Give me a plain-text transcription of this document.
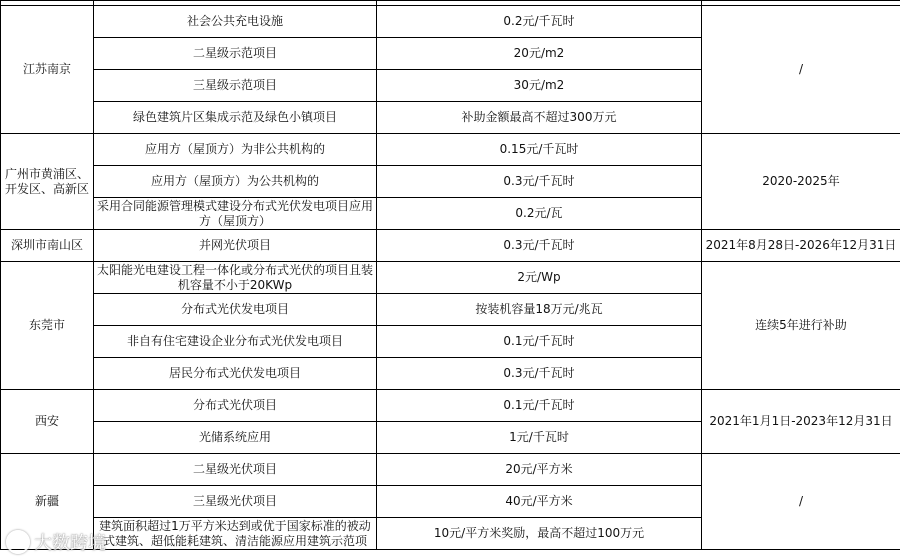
江苏南京	社会公共充电设施	0.2元/千瓦时	/
	二星级示范项目	20元/m2	
	三星级示范项目	30元/m2	
	绿色建筑片区集成示范及绿色小镇项目	补助金额最高不超过300万元	
广州市黄浦区、开发区、高新区	应用方（屋顶方）为非公共机构的	0.15元/千瓦时	2020-2025年
	应用方（屋顶方）为公共机构的	0.3元/千瓦时	
	采用合同能源管理模式建设分布式光伏发电项目应用方（屋顶方）	0.2元/瓦	
深圳市南山区	并网光伏项目	0.3元/千瓦时	2021年8月28日-2026年12月31日
东莞市	太阳能光电建设工程一体化或分布式光伏的项目且装机容量不小于20KWp	2元/Wp	连续5年进行补助
	分布式光伏发电项目	按装机容量18万元/兆瓦	
	非自有住宅建设企业分布式光伏发电项目	0.1元/千瓦时	
	居民分布式光伏发电项目	0.3元/千瓦时	
西安	分布式光伏项目	0.1元/千瓦时	2021年1月1日-2023年12月31日
	光储系统应用	1元/千瓦时	
新疆	二星级光伏项目	20元/平方米	/
	三星级光伏项目	40元/平方米	
	建筑面积超过1万平方米达到或优于国家标准的被动式建筑、超低能耗建筑、清洁能源应用建筑示范项	10元/平方米奖励，最高不超过100万元	
大数跨境
